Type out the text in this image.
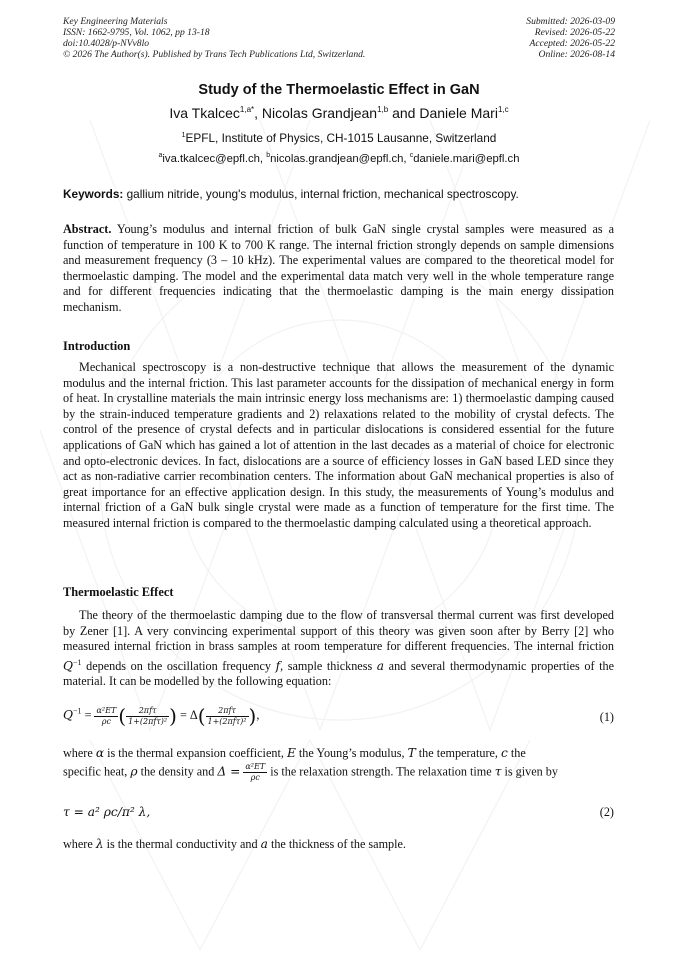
Key Engineering Materials
ISSN: 1662-9795, Vol. 1062, pp 13-18
doi:10.4028/p-NVv8lo
© 2026 The Author(s). Published by Trans Tech Publications Ltd, Switzerland.
Submitted: 2026-03-09
Revised: 2026-05-22
Accepted: 2026-05-22
Online: 2026-08-14
Study of the Thermoelastic Effect in GaN
Iva Tkalcec$^{1,a*}$, Nicolas Grandjean$^{1,b}$ and Daniele Mari$^{1,c}$
$^1$EPFL, Institute of Physics, CH-1015 Lausanne, Switzerland
$^a$iva.tkalcec@epfl.ch, $^b$nicolas.grandjean@epfl.ch, $^c$daniele.mari@epfl.ch
Keywords: gallium nitride, young's modulus, internal friction, mechanical spectroscopy.
Abstract. Young’s modulus and internal friction of bulk GaN single crystal samples were measured as a function of temperature in 100 K to 700 K range. The internal friction strongly depends on sample dimensions and measurement frequency (3 – 10 kHz). The experimental values are compared to the theoretical model for thermoelastic damping. The model and the experimental data match very well in the whole temperature range and for different frequencies indicating that the thermoelastic damping is the main energy dissipation mechanism.
Introduction
Mechanical spectroscopy is a non-destructive technique that allows the measurement of the dynamic modulus and the internal friction. This last parameter accounts for the dissipation of mechanical energy in form of heat. In crystalline materials the main intrinsic energy loss mechanisms are: 1) thermoelastic damping caused by the strain-induced temperature gradients and 2) relaxations related to the mobility of crystal defects. The control of the presence of crystal defects and in particular dislocations is considered essential for the future applications of GaN which has gained a lot of attention in the last decades as a material of choice for electronic and opto-electronic devices. In fact, dislocations are a source of efficiency losses in GaN based LED since they act as non-radiative carrier recombination centers. The information about GaN mechanical properties is also of great importance for an effective application design. In this study, the measurements of Young’s modulus and internal friction of a GaN bulk single crystal were made as a function of temperature for the first time. The measured internal friction is compared to the thermoelastic damping calculated using a theoretical approach.
Thermoelastic Effect
The theory of the thermoelastic damping due to the flow of transversal thermal current was first developed by Zener [1]. A very convincing experimental support of this theory was given soon after by Berry [2] who measured internal friction in brass samples at room temperature for different frequencies. The internal friction $Q^{-1}$ depends on the oscillation frequency f, sample thickness a and several thermodynamic properties of the material. It can be modelled by the following equation:
$Q^{-1} = \frac{\text{α²ET}}{\rho c}$ ( $\frac{\text{2πfτ}}{\text{1+(2πfτ)²}}$ ) = $\Delta( \frac{\text{2πfτ}}{\text{1+(2πfτ)²}}$ ),	(1)
where α is the thermal expansion coefficient, E the Young’s modulus, T the temperature, c the
specific heat, ρ the density and $\Delta = \frac{\text{α²ET}}{\rho c}$ is the relaxation strength. The relaxation time τ is given by
τ = a² ρc/π² λ,	(2)
where λ is the thermal conductivity and a the thickness of the sample.
